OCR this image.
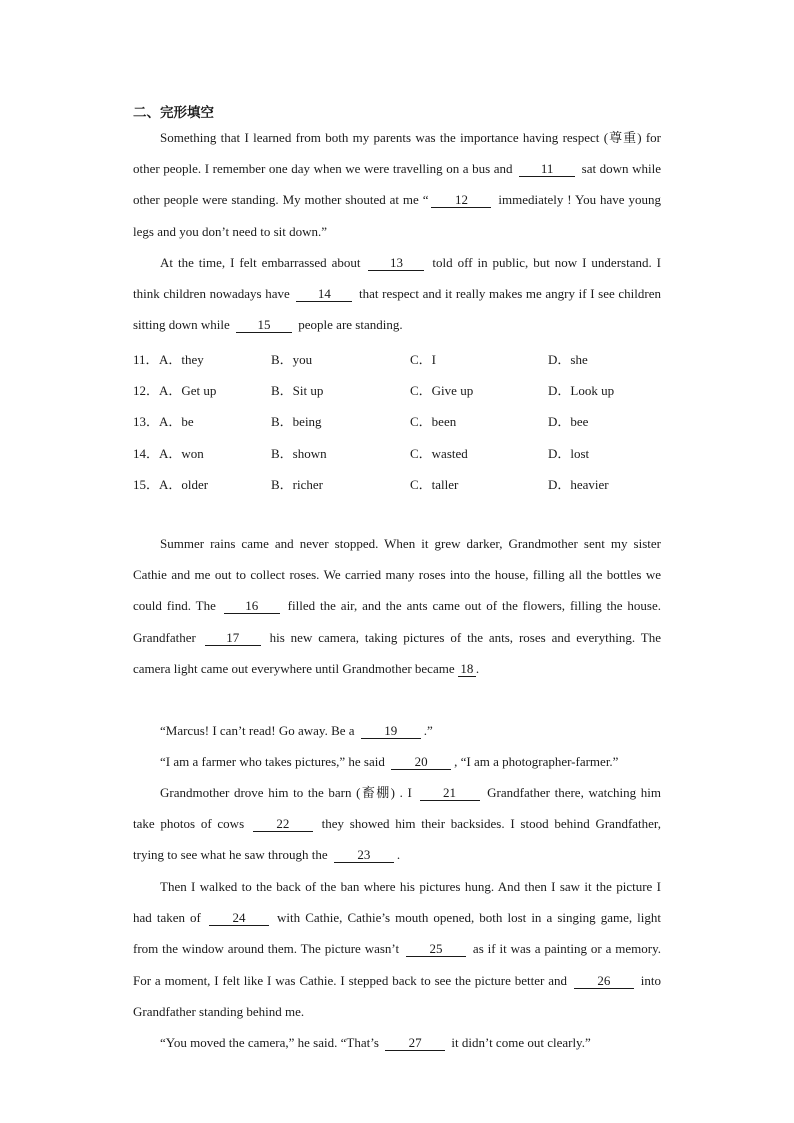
二、完形填空

Something that I learned from both my parents was the importance having respect (尊重) for other people. I remember one day when we were travelling on a bus and 11 sat down while other people were standing. My mother shouted at me “ 12 immediately ! You have young legs and you don’t need to sit down.”

At the time, I felt embarrassed about 13 told off in public, but now I understand. I think children nowadays have 14 that respect and it really makes me angry if I see children sitting down while 15 people are standing.

11．A．they	B．you	C．I	D．she
12．A．Get up	B．Sit up	C．Give up	D．Look up
13．A．be	B．being	C．been	D．bee
14．A．won	B．shown	C．wasted	D．lost
15．A．older	B．richer	C．taller	D．heavier

Summer rains came and never stopped. When it grew darker, Grandmother sent my sister Cathie and me out to collect roses. We carried many roses into the house, filling all the bottles we could find. The 16 filled the air, and the ants came out of the flowers, filling the house. Grandfather 17 his new camera, taking pictures of the ants, roses and everything. The camera light came out everywhere until Grandmother became 18 .

“Marcus! I can’t read! Go away. Be a 19 .”

“I am a farmer who takes pictures,” he said 20 , “I am a photographer-farmer.”

Grandmother drove him to the barn (畜棚) . I 21 Grandfather there, watching him take photos of cows 22 they showed him their backsides. I stood behind Grandfather, trying to see what he saw through the 23 .

Then I walked to the back of the ban where his pictures hung. And then I saw it the picture I had taken of 24 with Cathie, Cathie’s mouth opened, both lost in a singing game, light from the window around them. The picture wasn’t 25 as if it was a painting or a memory. For a moment, I felt like I was Cathie. I stepped back to see the picture better and 26 into Grandfather standing behind me.

“You moved the camera,” he said. “That’s 27 it didn’t come out clearly.”
